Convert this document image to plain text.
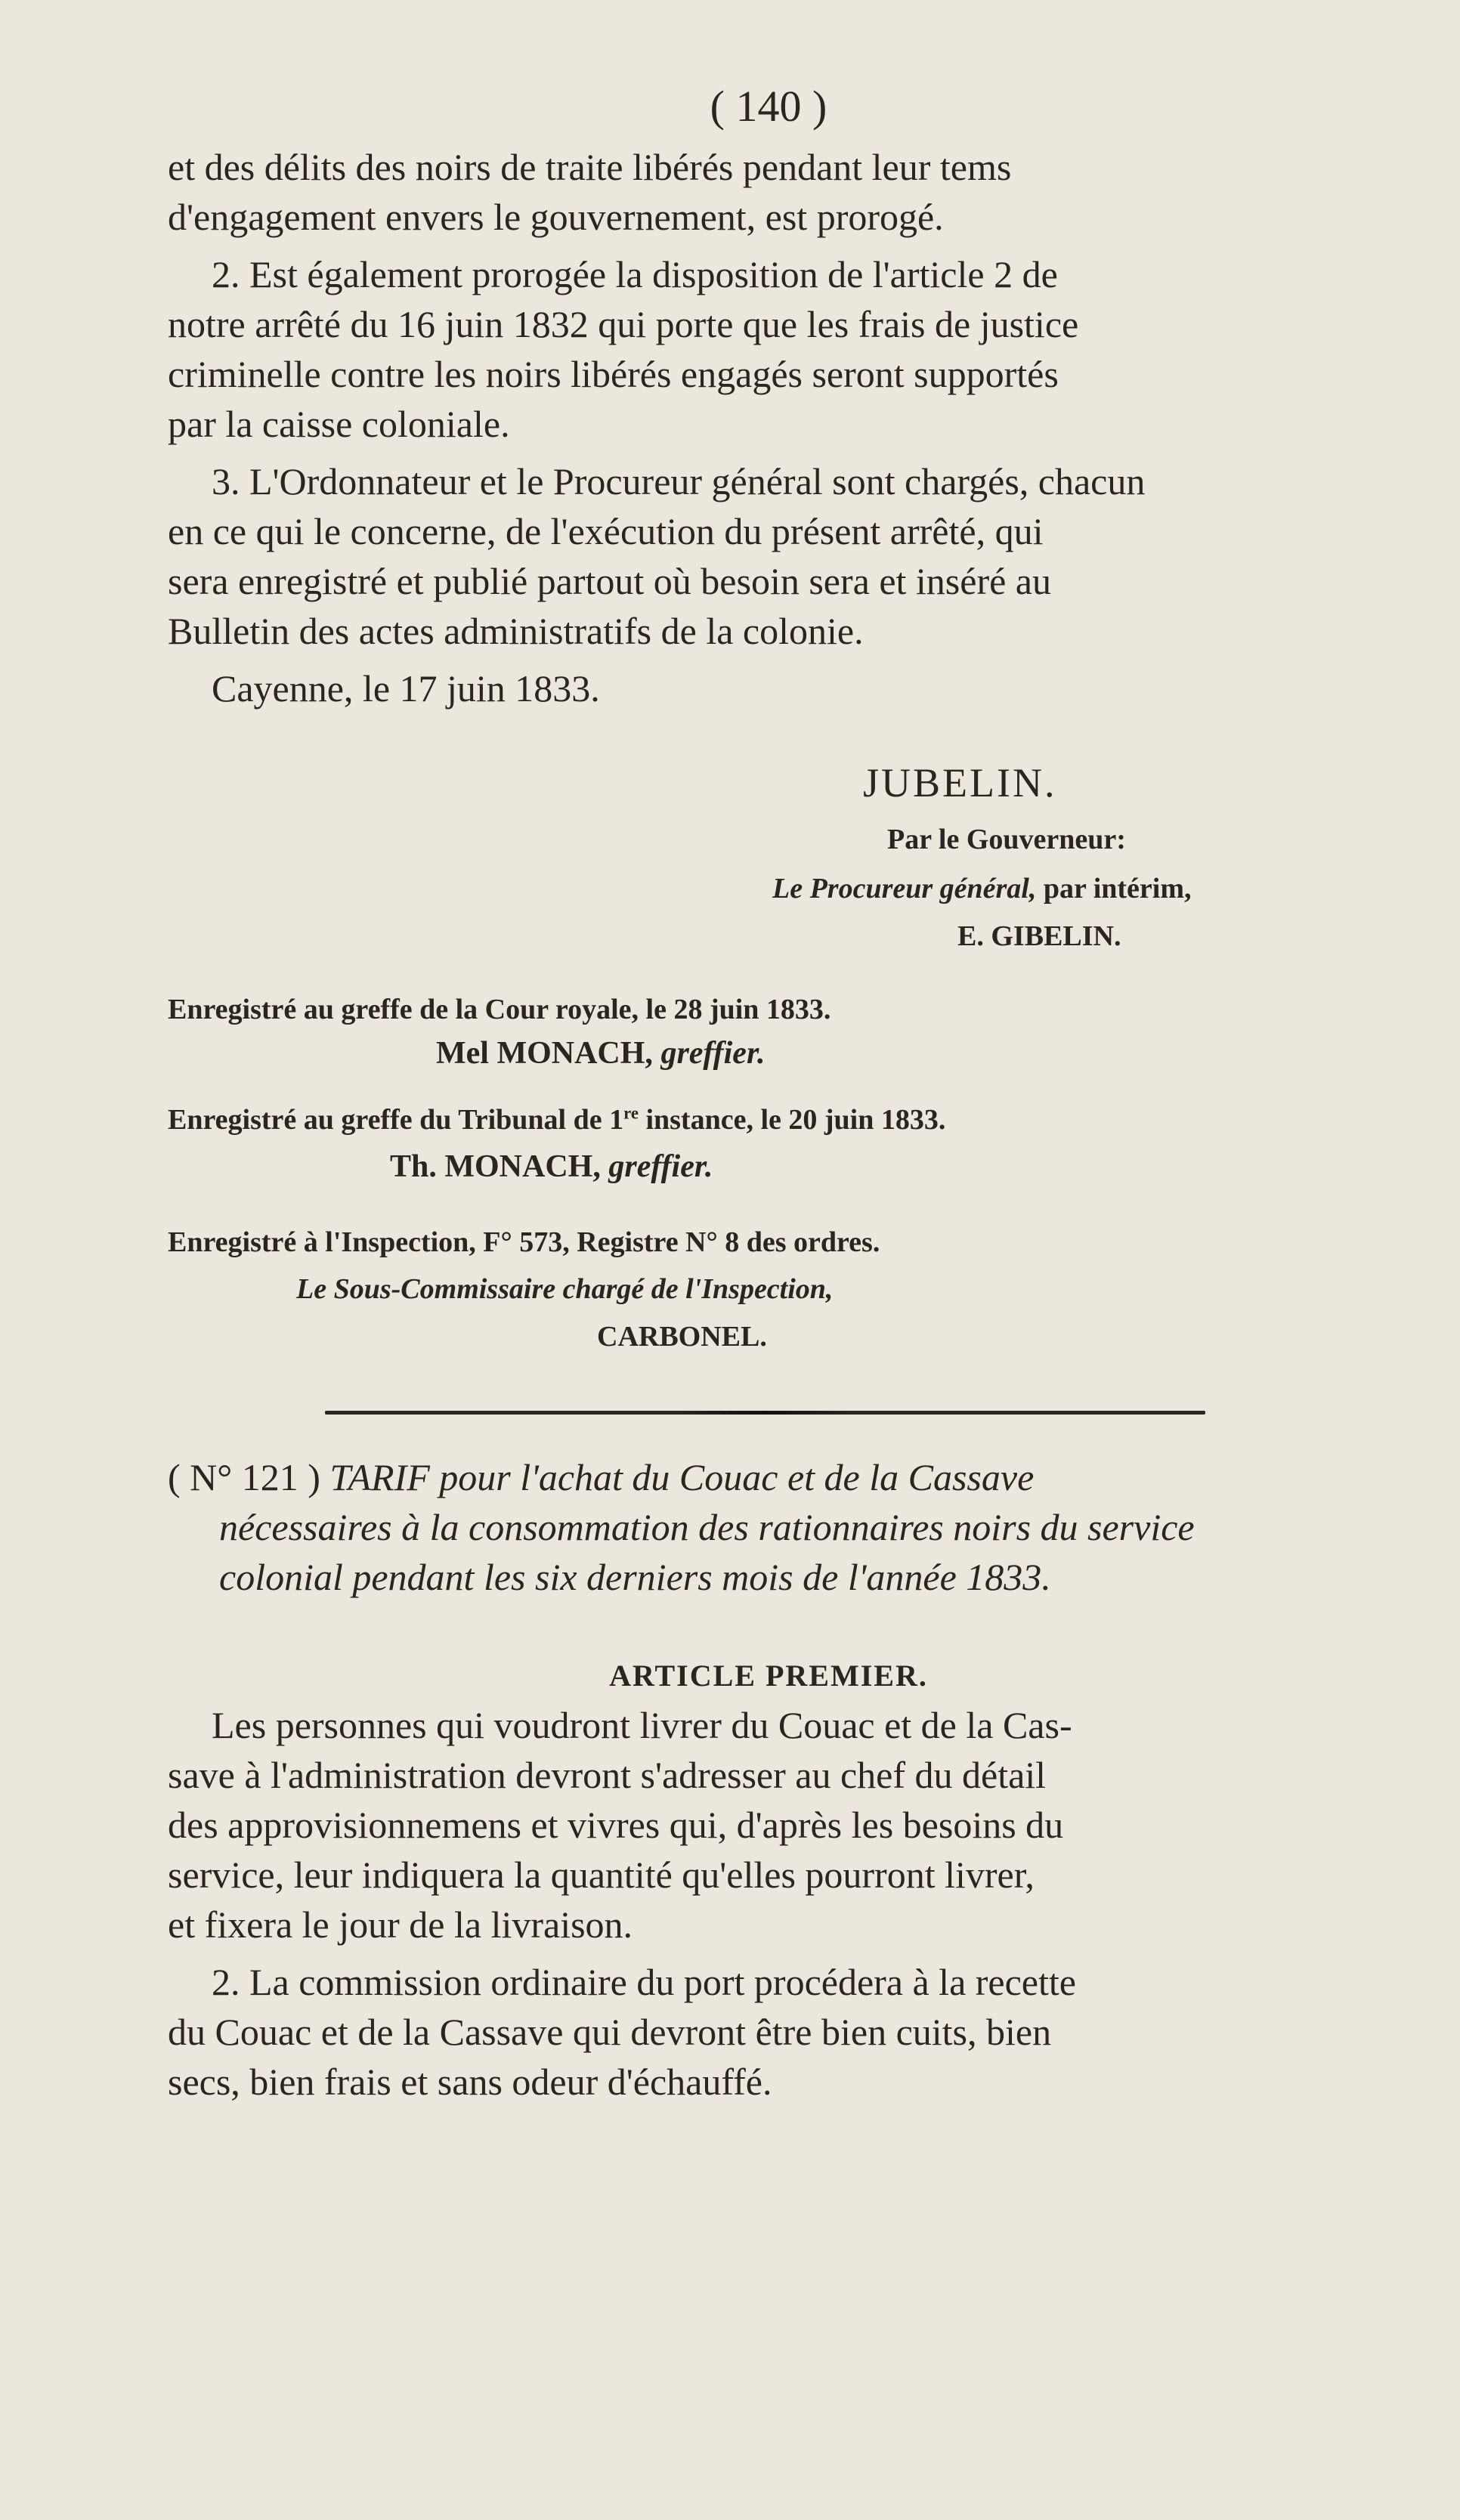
( 140 )
et des délits des noirs de traite libérés pendant leur tems
d'engagement envers le gouvernement, est prorogé.
2. Est également prorogée la disposition de l'article 2 de
notre arrêté du 16 juin 1832 qui porte que les frais de justice
criminelle contre les noirs libérés engagés seront supportés
par la caisse coloniale.
3. L'Ordonnateur et le Procureur général sont chargés, chacun
en ce qui le concerne, de l'exécution du présent arrêté, qui
sera enregistré et publié partout où besoin sera et inséré au
Bulletin des actes administratifs de la colonie.
Cayenne, le 17 juin 1833.
JUBELIN.
Par le Gouverneur:
Le Procureur général, par intérim,
E. GIBELIN.
Enregistré au greffe de la Cour royale, le 28 juin 1833.
Mel MONACH, greffier.
Enregistré au greffe du Tribunal de 1re instance, le 20 juin 1833.
Th. MONACH, greffier.
Enregistré à l'Inspection, F° 573, Registre N° 8 des ordres.
Le Sous-Commissaire chargé de l'Inspection,
CARBONEL.
( N° 121 ) TARIF pour l'achat du Couac et de la Cassave
nécessaires à la consommation des rationnaires noirs du service
colonial pendant les six derniers mois de l'année 1833.
ARTICLE PREMIER.
Les personnes qui voudront livrer du Couac et de la Cas-
save à l'administration devront s'adresser au chef du détail
des approvisionnemens et vivres qui, d'après les besoins du
service, leur indiquera la quantité qu'elles pourront livrer,
et fixera le jour de la livraison.
2. La commission ordinaire du port procédera à la recette
du Couac et de la Cassave qui devront être bien cuits, bien
secs, bien frais et sans odeur d'échauffé.
